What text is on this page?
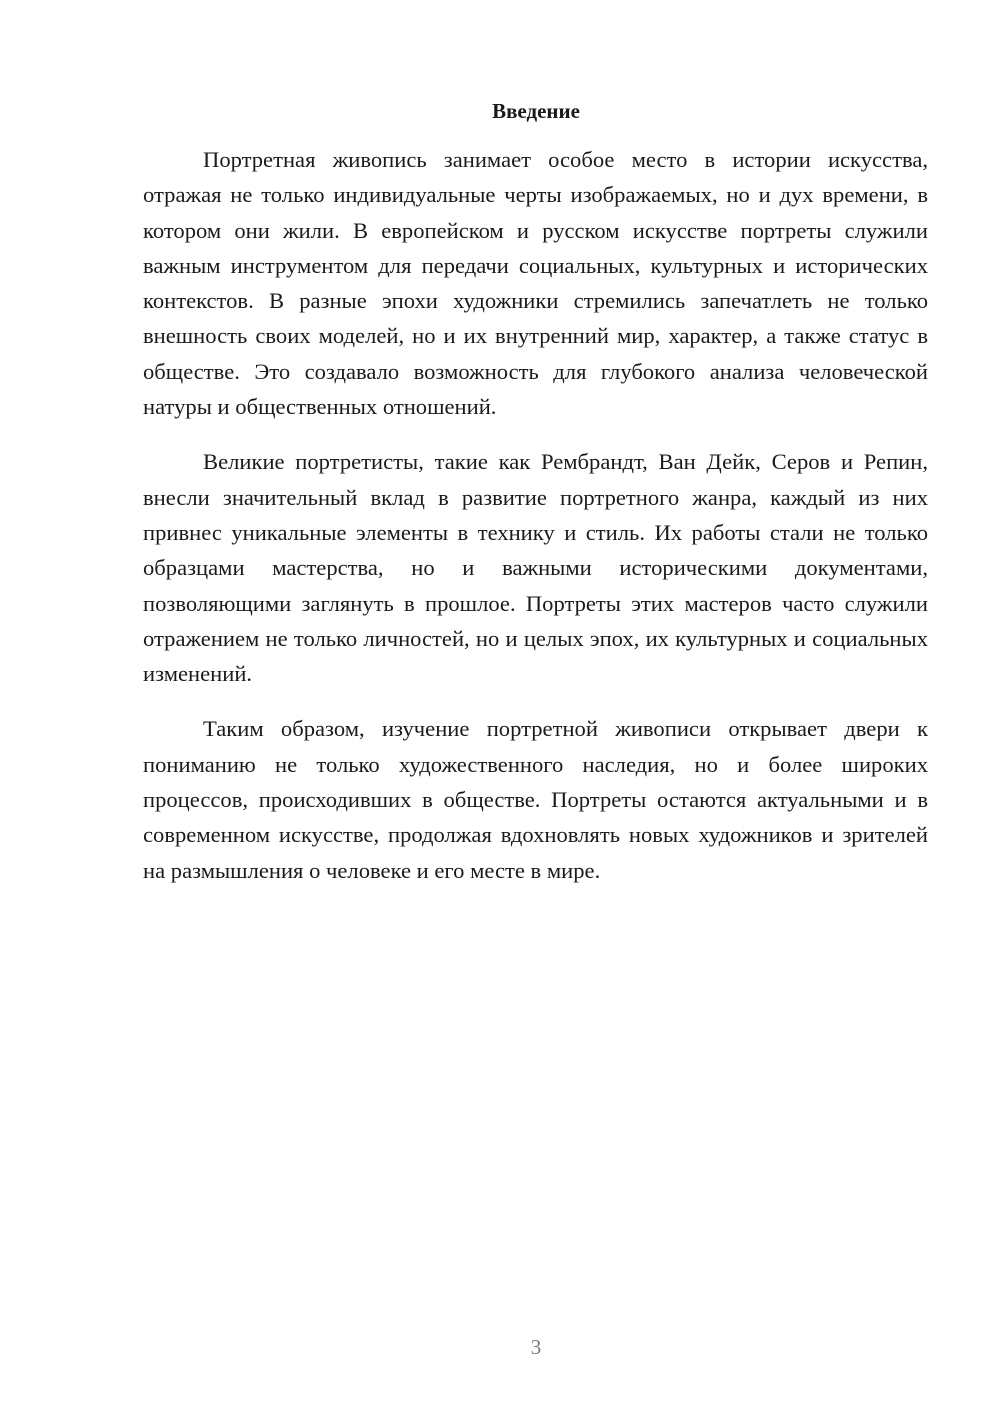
Введение

Портретная живопись занимает особое место в истории искусства, отражая не только индивидуальные черты изображаемых, но и дух времени, в котором они жили. В европейском и русском искусстве портреты служили важным инструментом для передачи социальных, культурных и исторических контекстов. В разные эпохи художники стремились запечатлеть не только внешность своих моделей, но и их внутренний мир, характер, а также статус в обществе. Это создавало возможность для глубокого анализа человеческой натуры и общественных отношений.

Великие портретисты, такие как Рембрандт, Ван Дейк, Серов и Репин, внесли значительный вклад в развитие портретного жанра, каждый из них привнес уникальные элементы в технику и стиль. Их работы стали не только образцами мастерства, но и важными историческими документами, позволяющими заглянуть в прошлое. Портреты этих мастеров часто служили отражением не только личностей, но и целых эпох, их культурных и социальных изменений.

Таким образом, изучение портретной живописи открывает двери к пониманию не только художественного наследия, но и более широких процессов, происходивших в обществе. Портреты остаются актуальными и в современном искусстве, продолжая вдохновлять новых художников и зрителей на размышления о человеке и его месте в мире.

3
